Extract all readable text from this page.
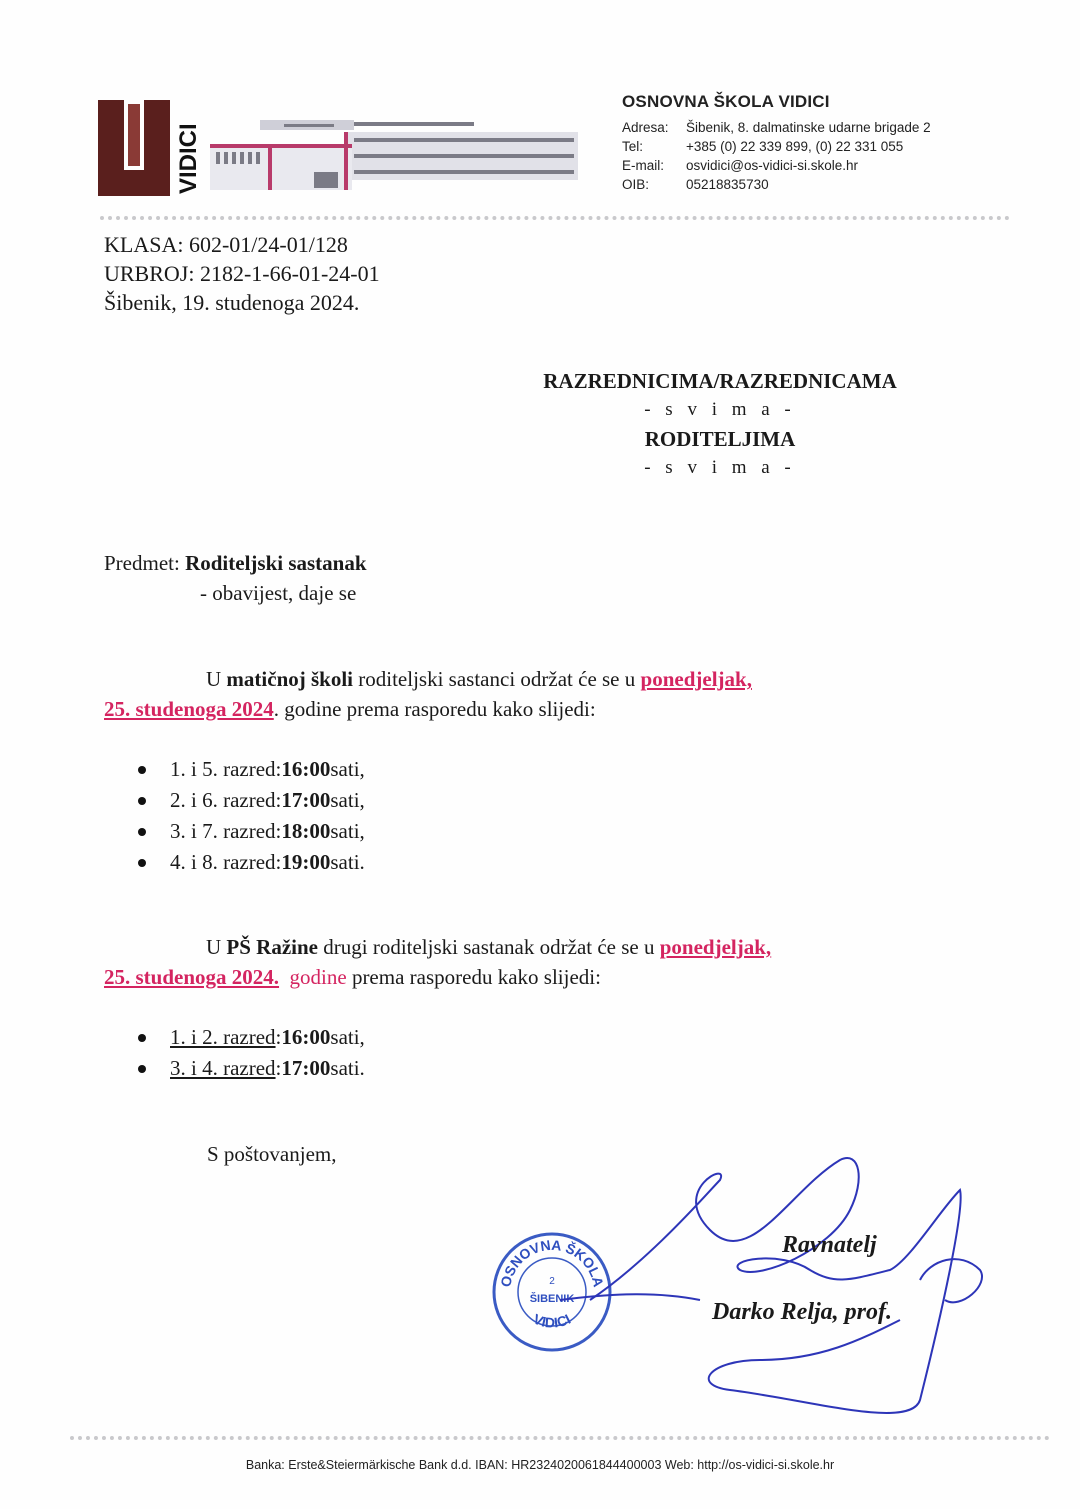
VIDICI
OSNOVNA ŠKOLA VIDICI
Adresa:	Šibenik, 8. dalmatinske udarne brigade 2
Tel:	+385 (0) 22 339 899, (0) 22 331 055
E-mail:	osvidici@os-vidici-si.skole.hr
OIB:	05218835730
KLASA: 602-01/24-01/128
URBROJ: 2182-1-66-01-24-01
Šibenik, 19. studenoga 2024.
RAZREDNICIMA/RAZREDNICAMA
- s v i m a -
RODITELJIMA
- s v i m a -
Predmet: Roditeljski sastanak
- obavijest, daje se
U matičnoj školi roditeljski sastanci održat će se u ponedjeljak,
25. studenoga 2024. godine prema rasporedu kako slijedi:
1. i 5. razred: 16:00 sati,
2. i 6. razred: 17:00 sati,
3. i 7. razred: 18:00 sati,
4. i 8. razred: 19:00 sati.
U PŠ Ražine drugi roditeljski sastanak održat će se u ponedjeljak,
25. studenoga 2024. godine prema rasporedu kako slijedi:
1. i 2. razred : 16:00 sati,
3. i 4. razred : 17:00 sati.
S poštovanjem,
OSNOVNA ŠKOLA
VIDICI
2
ŠIBENIK
Ravnatelj
Darko Relja, prof.
Banka: Erste&Steiermärkische Bank d.d. IBAN: HR2324020061844400003 Web: http://os-vidici-si.skole.hr
